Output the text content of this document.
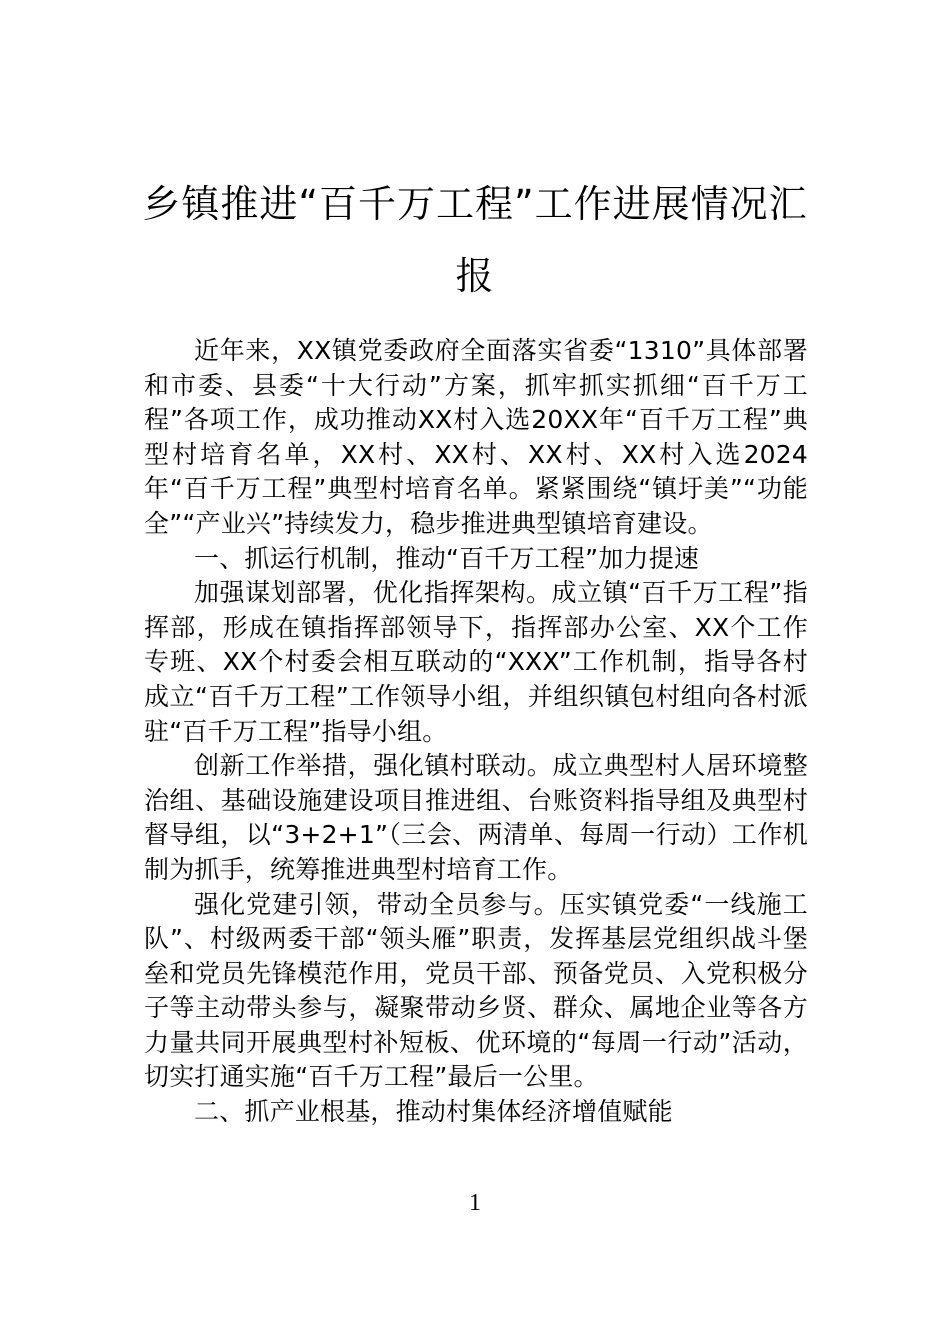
乡镇推进“百千万工程”工作进展情况汇报

近年来，XX镇党委政府全面落实省委“1310”具体部署和市委、县委“十大行动”方案，抓牢抓实抓细“百千万工程”各项工作，成功推动XX村入选20XX年“百千万工程”典型村培育名单，XX村、XX村、XX村、XX村入选2024年“百千万工程”典型村培育名单。紧紧围绕“镇圩美”“功能全”“产业兴”持续发力，稳步推进典型镇培育建设。

一、抓运行机制，推动“百千万工程”加力提速

加强谋划部署，优化指挥架构。成立镇“百千万工程”指挥部，形成在镇指挥部领导下，指挥部办公室、XX个工作专班、XX个村委会相互联动的“XXX”工作机制，指导各村成立“百千万工程”工作领导小组，并组织镇包村组向各村派驻“百千万工程”指导小组。

创新工作举措，强化镇村联动。成立典型村人居环境整治组、基础设施建设项目推进组、台账资料指导组及典型村督导组，以“3+2+1”（三会、两清单、每周一行动）工作机制为抓手，统筹推进典型村培育工作。

强化党建引领，带动全员参与。压实镇党委“一线施工队”、村级两委干部“领头雁”职责，发挥基层党组织战斗堡垒和党员先锋模范作用，党员干部、预备党员、入党积极分子等主动带头参与，凝聚带动乡贤、群众、属地企业等各方力量共同开展典型村补短板、优环境的“每周一行动”活动，切实打通实施“百千万工程”最后一公里。

二、抓产业根基，推动村集体经济增值赋能

1
